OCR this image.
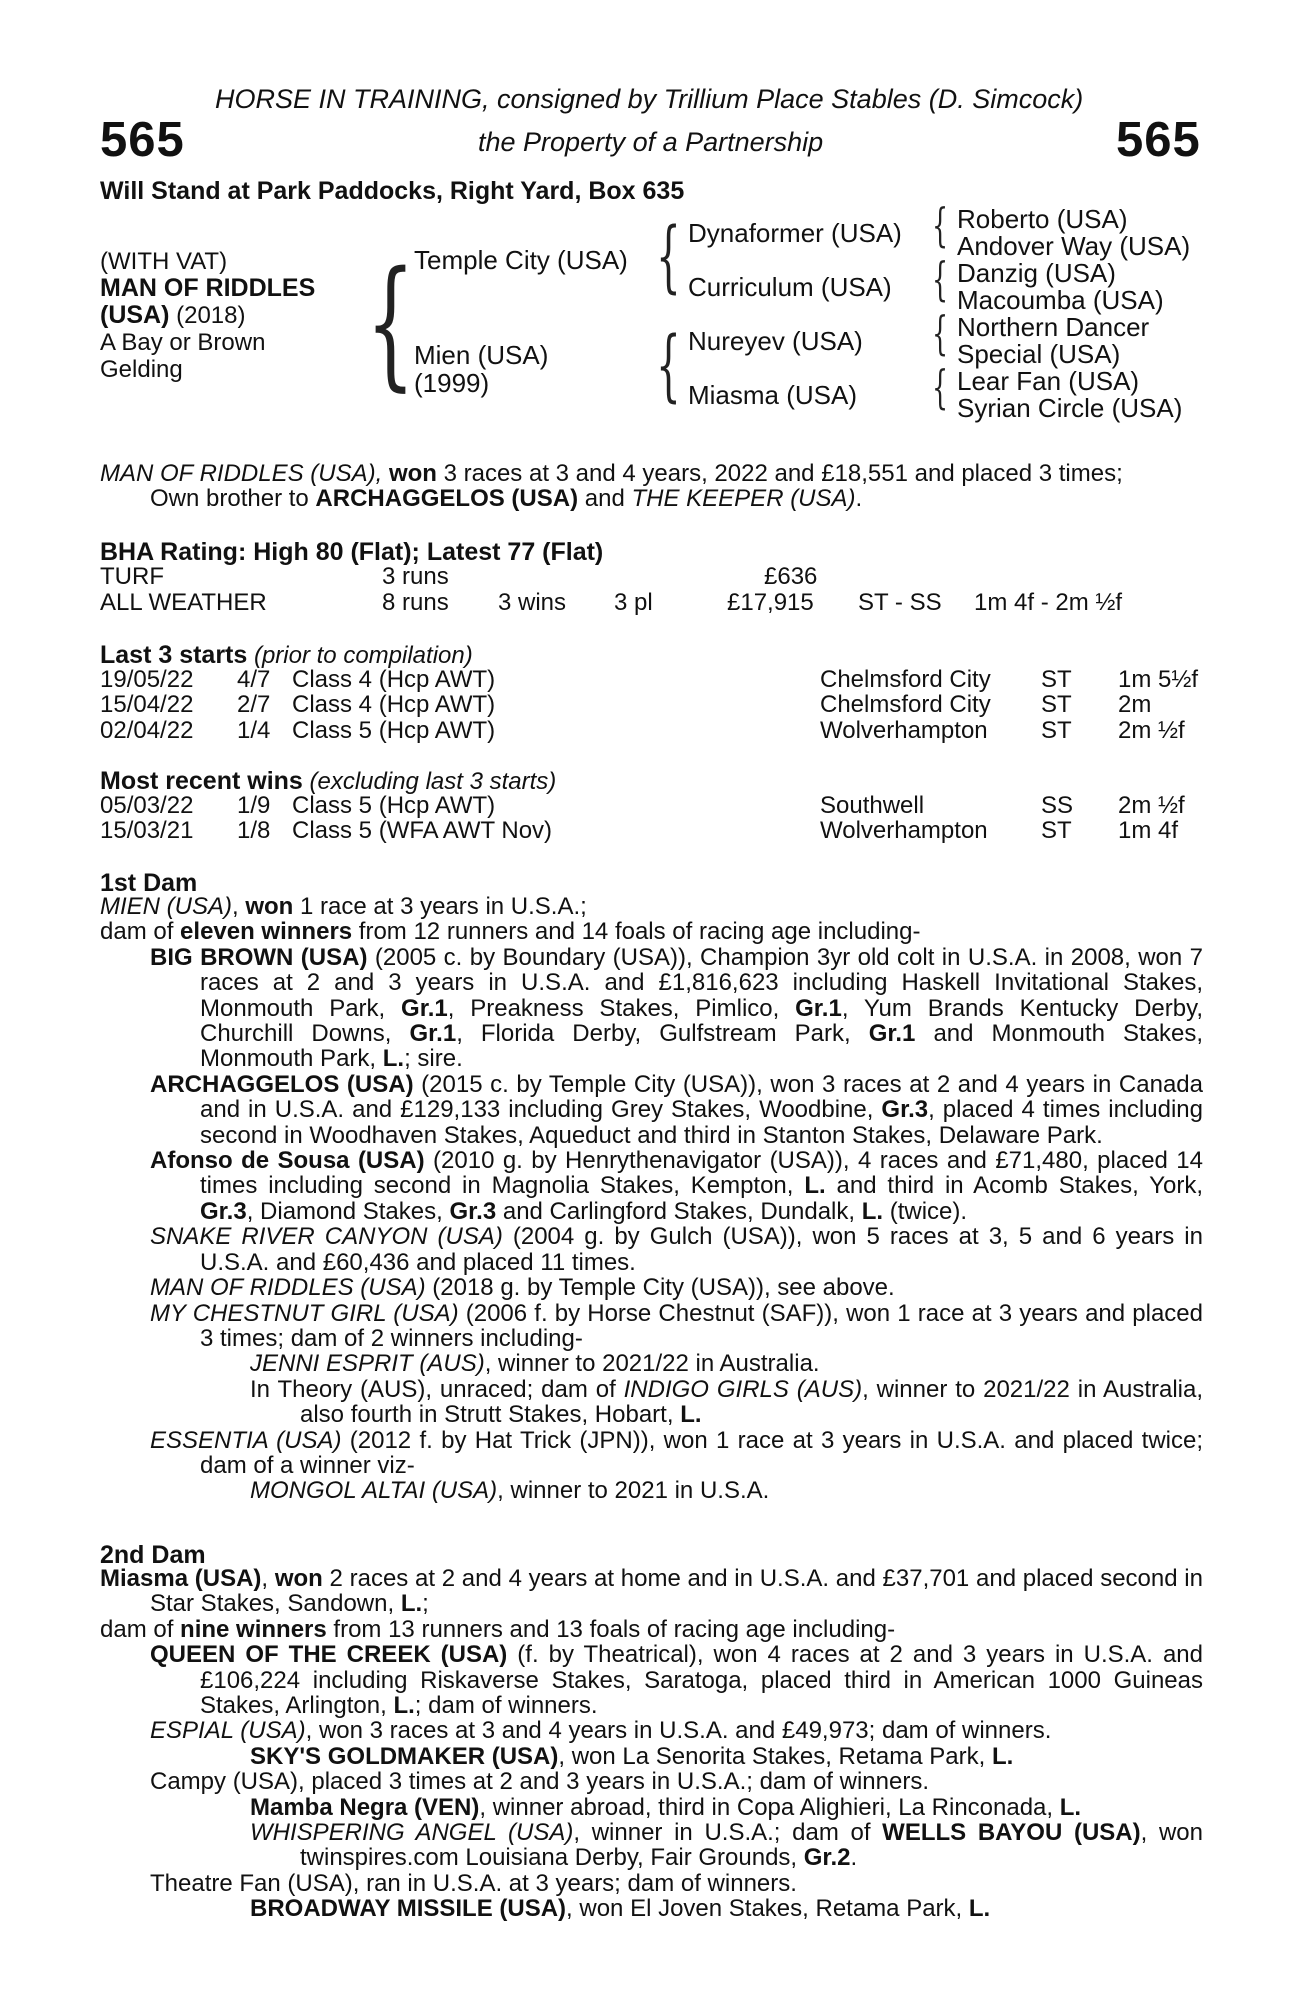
HORSE IN TRAINING, consigned by Trillium Place Stables (D. Simcock)
565	the Property of a Partnership	565
Will Stand at Park Paddocks, Right Yard, Box 635
(WITH VAT)
MAN OF RIDDLES
(USA) (2018)
A Bay or Brown
Gelding	{ Temple City (USA)
Mien (USA)
(1999)
{
{
Dynaformer (USA)
Curriculum (USA)
Nureyev (USA)
Miasma (USA)
{
{
{
{
Roberto (USA)
Andover Way (USA)
Danzig (USA)
Macoumba (USA)
Northern Dancer
Special (USA)
Lear Fan (USA)
Syrian Circle (USA)
MAN OF RIDDLES (USA), won 3 races at 3 and 4 years, 2022 and £18,551 and placed 3 times;
Own brother to ARCHAGGELOS (USA) and THE KEEPER (USA).
BHA Rating: High 80 (Flat); Latest 77 (Flat)
TURF	3 runs	£636
ALL WEATHER	8 runs 3 wins 3 pl	£17,915 ST - SS 1m 4f - 2m ½f
Last 3 starts (prior to compilation)
19/05/22 4/7 Class 4 (Hcp AWT)	Chelmsford City ST 1m 5½f
15/04/22 2/7 Class 4 (Hcp AWT)	Chelmsford City ST 2m
02/04/22 1/4 Class 5 (Hcp AWT)	Wolverhampton ST 2m ½f
Most recent wins (excluding last 3 starts)
05/03/22 1/9 Class 5 (Hcp AWT)	Southwell	SS 2m ½f
15/03/21 1/8 Class 5 (WFA AWT Nov)	Wolverhampton ST 1m 4f
1st Dam
MIEN (USA), won 1 race at 3 years in U.S.A.;
dam of eleven winners from 12 runners and 14 foals of racing age including-
BIG BROWN (USA) (2005 c. by Boundary (USA)), Champion 3yr old colt in U.S.A. in 2008, won 7 races at 2 and 3 years in U.S.A. and £1,816,623 including Haskell Invitational Stakes, Monmouth Park, Gr.1, Preakness Stakes, Pimlico, Gr.1, Yum Brands Kentucky Derby, Churchill Downs, Gr.1, Florida Derby, Gulfstream Park, Gr.1 and Monmouth Stakes, Monmouth Park, L.; sire.
ARCHAGGELOS (USA) (2015 c. by Temple City (USA)), won 3 races at 2 and 4 years in Canada and in U.S.A. and £129,133 including Grey Stakes, Woodbine, Gr.3, placed 4 times including second in Woodhaven Stakes, Aqueduct and third in Stanton Stakes, Delaware Park.
Afonso de Sousa (USA) (2010 g. by Henrythenavigator (USA)), 4 races and £71,480, placed 14 times including second in Magnolia Stakes, Kempton, L. and third in Acomb Stakes, York, Gr.3, Diamond Stakes, Gr.3 and Carlingford Stakes, Dundalk, L. (twice).
SNAKE RIVER CANYON (USA) (2004 g. by Gulch (USA)), won 5 races at 3, 5 and 6 years in U.S.A. and £60,436 and placed 11 times.
MAN OF RIDDLES (USA) (2018 g. by Temple City (USA)), see above.
MY CHESTNUT GIRL (USA) (2006 f. by Horse Chestnut (SAF)), won 1 race at 3 years and placed 3 times; dam of 2 winners including-
JENNI ESPRIT (AUS), winner to 2021/22 in Australia.
In Theory (AUS), unraced; dam of INDIGO GIRLS (AUS), winner to 2021/22 in Australia, also fourth in Strutt Stakes, Hobart, L.
ESSENTIA (USA) (2012 f. by Hat Trick (JPN)), won 1 race at 3 years in U.S.A. and placed twice; dam of a winner viz-
MONGOL ALTAI (USA), winner to 2021 in U.S.A.
2nd Dam
Miasma (USA), won 2 races at 2 and 4 years at home and in U.S.A. and £37,701 and placed second in Star Stakes, Sandown, L.;
dam of nine winners from 13 runners and 13 foals of racing age including-
QUEEN OF THE CREEK (USA) (f. by Theatrical), won 4 races at 2 and 3 years in U.S.A. and £106,224 including Riskaverse Stakes, Saratoga, placed third in American 1000 Guineas Stakes, Arlington, L.; dam of winners.
ESPIAL (USA), won 3 races at 3 and 4 years in U.S.A. and £49,973; dam of winners.
SKY'S GOLDMAKER (USA), won La Senorita Stakes, Retama Park, L.
Campy (USA), placed 3 times at 2 and 3 years in U.S.A.; dam of winners.
Mamba Negra (VEN), winner abroad, third in Copa Alighieri, La Rinconada, L.
WHISPERING ANGEL (USA), winner in U.S.A.; dam of WELLS BAYOU (USA), won twinspires.com Louisiana Derby, Fair Grounds, Gr.2.
Theatre Fan (USA), ran in U.S.A. at 3 years; dam of winners.
BROADWAY MISSILE (USA), won El Joven Stakes, Retama Park, L.
